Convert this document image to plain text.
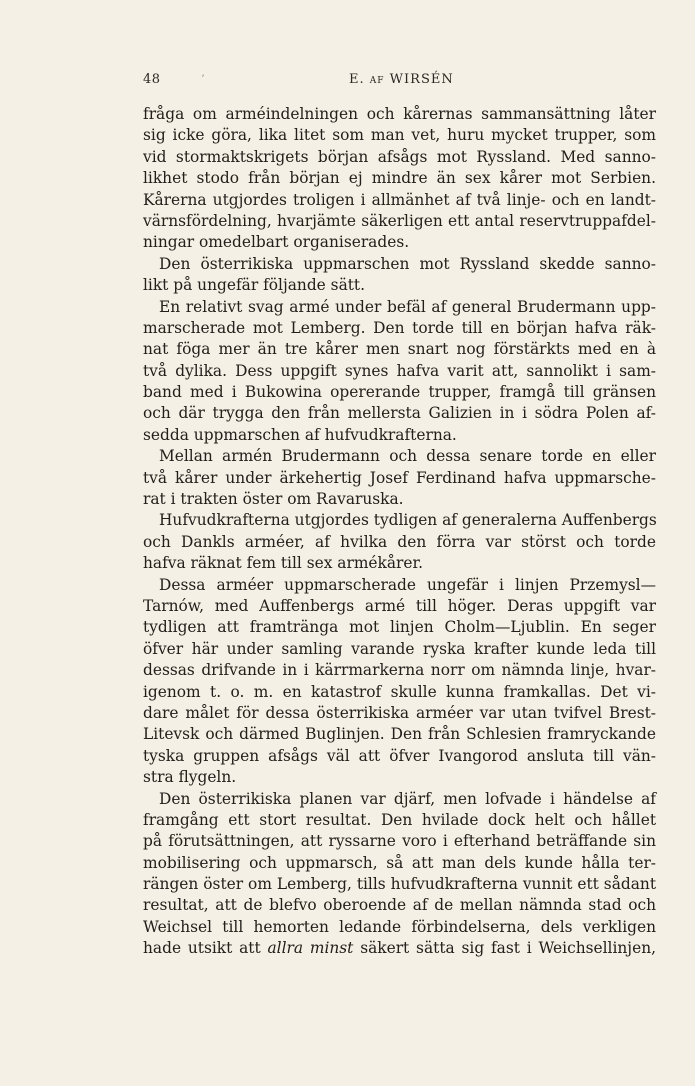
48	ʼ	E. AF WIRSÉN
fråga om arméindelningen och kårernas sammansättning låter
sig icke göra, lika litet som man vet, huru mycket trupper, som
vid stormaktskrigets början afsågs mot Ryssland. Med sanno-
likhet stodo från början ej mindre än sex kårer mot Serbien.
Kårerna utgjordes troligen i allmänhet af två linje- och en landt-
värnsfördelning, hvarjämte säkerligen ett antal reservtruppafdel-
ningar omedelbart organiserades.
Den österrikiska uppmarschen mot Ryssland skedde sanno-
likt på ungefär följande sätt.
En relativt svag armé under befäl af general Brudermann upp-
marscherade mot Lemberg. Den torde till en början hafva räk-
nat föga mer än tre kårer men snart nog förstärkts med en à
två dylika. Dess uppgift synes hafva varit att, sannolikt i sam-
band med i Bukowina opererande trupper, framgå till gränsen
och där trygga den från mellersta Galizien in i södra Polen af-
sedda uppmarschen af hufvudkrafterna.
Mellan armén Brudermann och dessa senare torde en eller
två kårer under ärkehertig Josef Ferdinand hafva uppmarsche-
rat i trakten öster om Ravaruska.
Hufvudkrafterna utgjordes tydligen af generalerna Auffenbergs
och Dankls arméer, af hvilka den förra var störst och torde
hafva räknat fem till sex armékårer.
Dessa arméer uppmarscherade ungefär i linjen Przemysl—
Tarnów, med Auffenbergs armé till höger. Deras uppgift var
tydligen att framtränga mot linjen Cholm—Ljublin. En seger
öfver här under samling varande ryska krafter kunde leda till
dessas drifvande in i kärrmarkerna norr om nämnda linje, hvar-
igenom t. o. m. en katastrof skulle kunna framkallas. Det vi-
dare målet för dessa österrikiska arméer var utan tvifvel Brest-
Litevsk och därmed Buglinjen. Den från Schlesien framryckande
tyska gruppen afsågs väl att öfver Ivangorod ansluta till vän-
stra flygeln.
Den österrikiska planen var djärf, men lofvade i händelse af
framgång ett stort resultat. Den hvilade dock helt och hållet
på förutsättningen, att ryssarne voro i efterhand beträffande sin
mobilisering och uppmarsch, så att man dels kunde hålla ter-
rängen öster om Lemberg, tills hufvudkrafterna vunnit ett sådant
resultat, att de blefvo oberoende af de mellan nämnda stad och
Weichsel till hemorten ledande förbindelserna, dels verkligen
hade utsikt att allra minst säkert sätta sig fast i Weichsellinjen,
